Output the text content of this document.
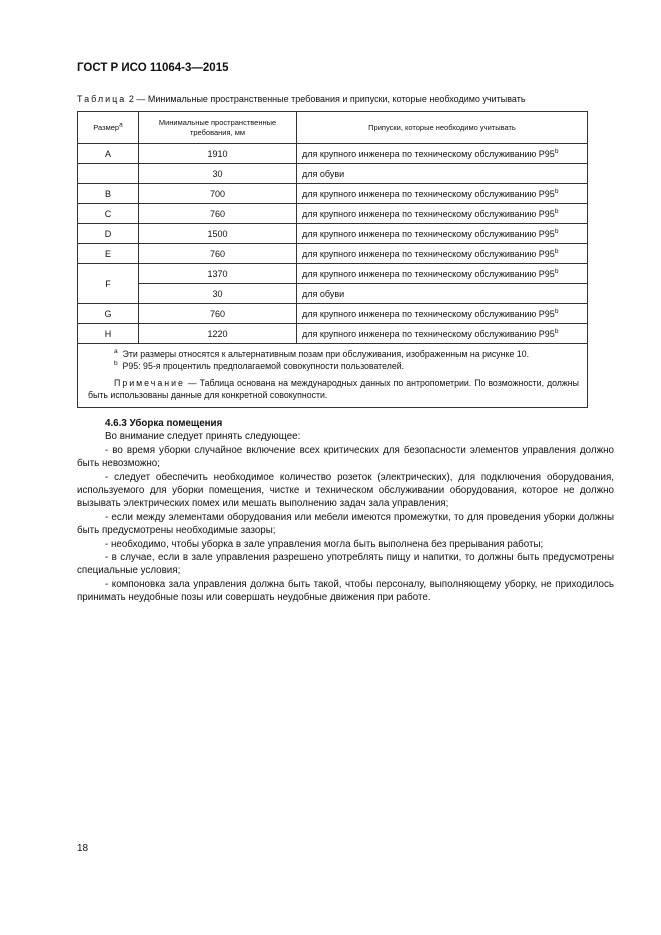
ГОСТ Р ИСО 11064-3—2015
Таблица 2 — Минимальные пространственные требования и припуски, которые необходимо учитывать
Размер$^a$	Минимальные пространственные требования, мм	Припуски, которые необходимо учитывать
A	1910	для крупного инженера по техническому обслуживанию P95$^b$
	30	для обуви
B	700	для крупного инженера по техническому обслуживанию P95$^b$
C	760	для крупного инженера по техническому обслуживанию P95$^b$
D	1500	для крупного инженера по техническому обслуживанию P95$^b$
E	760	для крупного инженера по техническому обслуживанию P95$^b$
F	1370	для крупного инженера по техническому обслуживанию P95$^b$
	30	для обуви
G	760	для крупного инженера по техническому обслуживанию P95$^b$
H	1220	для крупного инженера по техническому обслуживанию P95$^b$

$^a$ Эти размеры относятся к альтернативным позам при обслуживания, изображенным на рисунке 10.
$^b$ P95: 95-я процентиль предполагаемой совокупности пользователей.
Примечание — Таблица основана на международных данных по антропометрии. По возможности, должны быть использованы данные для конкретной совокупности.		

4.6.3 Уборка помещения

Во внимание следует принять следующее:

- во время уборки случайное включение всех критических для безопасности элементов управления должно быть невозможно;

- следует обеспечить необходимое количество розеток (электрических), для подключения оборудования, используемого для уборки помещения, чистке и техническом обслуживании оборудования, которое не должно вызывать электрических помех или мешать выполнению задач зала управления;

- если между элементами оборудования или мебели имеются промежутки, то для проведения уборки должны быть предусмотрены необходимые зазоры;

- необходимо, чтобы уборка в зале управления могла быть выполнена без прерывания работы;

- в случае, если в зале управления разрешено употреблять пищу и напитки, то должны быть предусмотрены специальные условия;

- компоновка зала управления должна быть такой, чтобы персоналу, выполняющему уборку, не приходилось принимать неудобные позы или совершать неудобные движения при работе.

18
